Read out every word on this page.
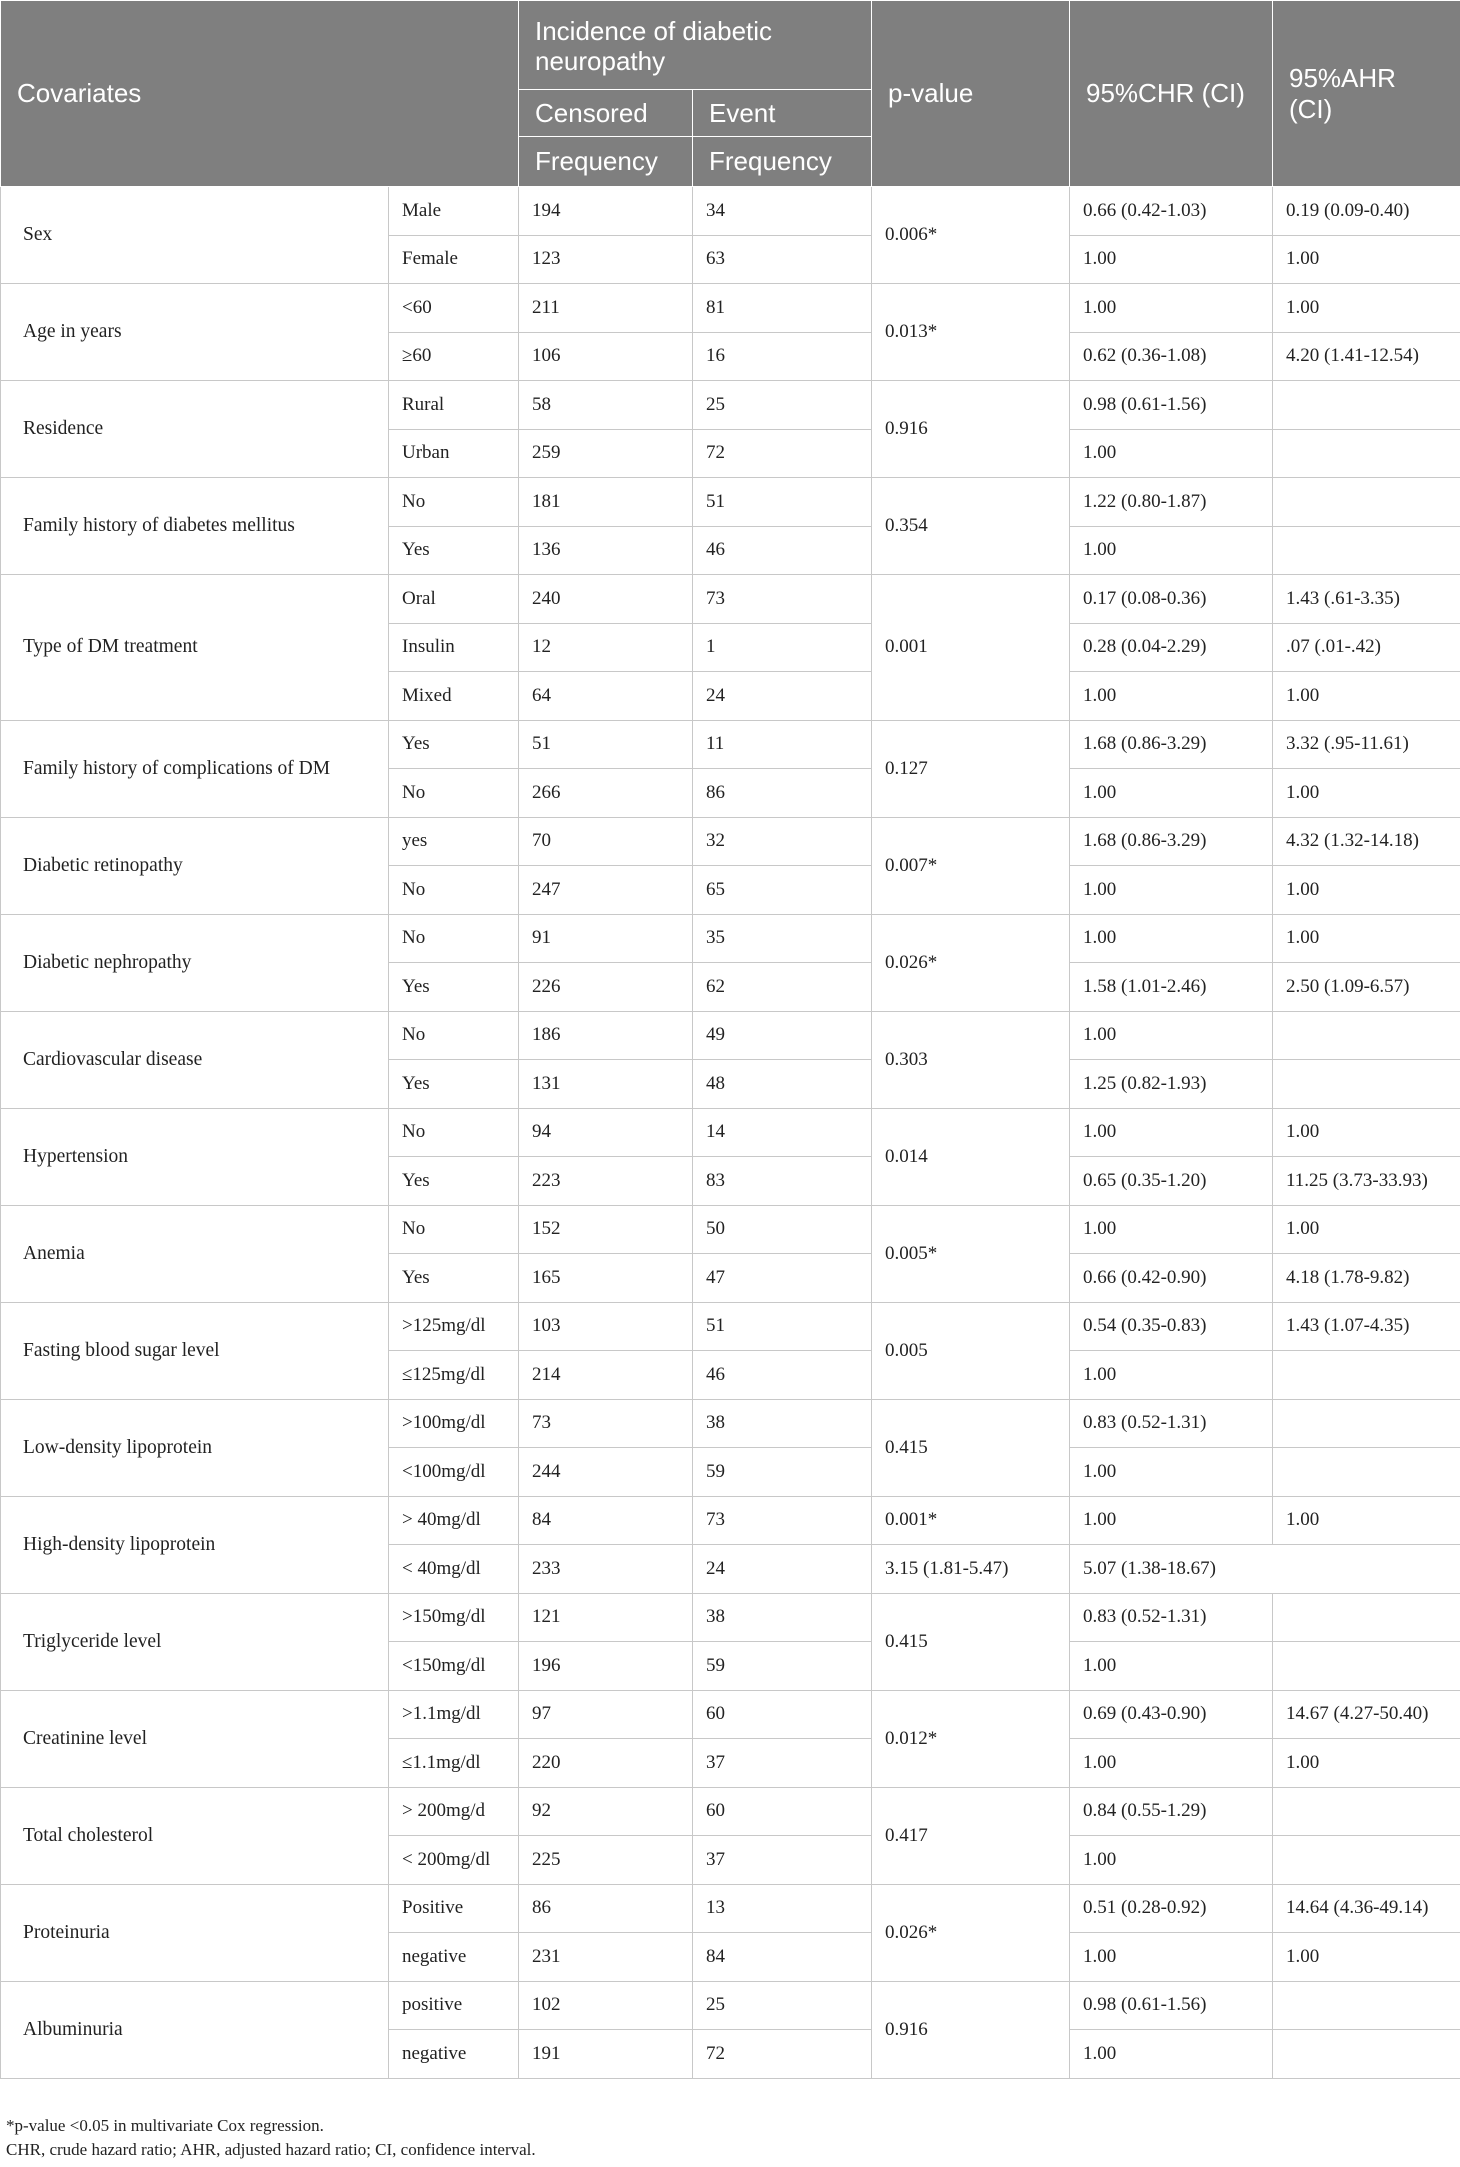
Covariates		Incidence of diabetic neuropathy		p-value	95%CHR (CI)	95%AHR (CI)
		Censored	Event			
		Frequency	Frequency			
Sex	Male	194	34	0.006*	0.66 (0.42-1.03)	0.19 (0.09-0.40)
	Female	123	63		1.00	1.00
Age in years	<60	211	81	0.013*	1.00	1.00
	≥60	106	16		0.62 (0.36-1.08)	4.20 (1.41-12.54)
Residence	Rural	58	25	0.916	0.98 (0.61-1.56)	
	Urban	259	72		1.00	
Family history of diabetes mellitus	No	181	51	0.354	1.22 (0.80-1.87)	
	Yes	136	46		1.00	
Type of DM treatment	Oral	240	73	0.001	0.17 (0.08-0.36)	1.43 (.61-3.35)
	Insulin	12	1		0.28 (0.04-2.29)	.07 (.01-.42)
	Mixed	64	24		1.00	1.00
Family history of complications of DM	Yes	51	11	0.127	1.68 (0.86-3.29)	3.32 (.95-11.61)
	No	266	86		1.00	1.00
Diabetic retinopathy	yes	70	32	0.007*	1.68 (0.86-3.29)	4.32 (1.32-14.18)
	No	247	65		1.00	1.00
Diabetic nephropathy	No	91	35	0.026*	1.00	1.00
	Yes	226	62		1.58 (1.01-2.46)	2.50 (1.09-6.57)
Cardiovascular disease	No	186	49	0.303	1.00	
	Yes	131	48		1.25 (0.82-1.93)	
Hypertension	No	94	14	0.014	1.00	1.00
	Yes	223	83		0.65 (0.35-1.20)	11.25 (3.73-33.93)
Anemia	No	152	50	0.005*	1.00	1.00
	Yes	165	47		0.66 (0.42-0.90)	4.18 (1.78-9.82)
Fasting blood sugar level	>125mg/dl	103	51	0.005	0.54 (0.35-0.83)	1.43 (1.07-4.35)
	≤125mg/dl	214	46		1.00	
Low-density lipoprotein	>100mg/dl	73	38	0.415	0.83 (0.52-1.31)	
	<100mg/dl	244	59		1.00	
High-density lipoprotein	> 40mg/dl	84	73	0.001*	1.00	1.00
	< 40mg/dl	233	24	3.15 (1.81-5.47)	5.07 (1.38-18.67)	
Triglyceride level	>150mg/dl	121	38	0.415	0.83 (0.52-1.31)	
	<150mg/dl	196	59		1.00	
Creatinine level	>1.1mg/dl	97	60	0.012*	0.69 (0.43-0.90)	14.67 (4.27-50.40)
	≤1.1mg/dl	220	37		1.00	1.00
Total cholesterol	> 200mg/d	92	60	0.417	0.84 (0.55-1.29)	
	< 200mg/dl	225	37		1.00	
Proteinuria	Positive	86	13	0.026*	0.51 (0.28-0.92)	14.64 (4.36-49.14)
	negative	231	84		1.00	1.00
Albuminuria	positive	102	25	0.916	0.98 (0.61-1.56)	
	negative	191	72		1.00	
*p-value <0.05 in multivariate Cox regression.
CHR, crude hazard ratio; AHR, adjusted hazard ratio; CI, confidence interval.
